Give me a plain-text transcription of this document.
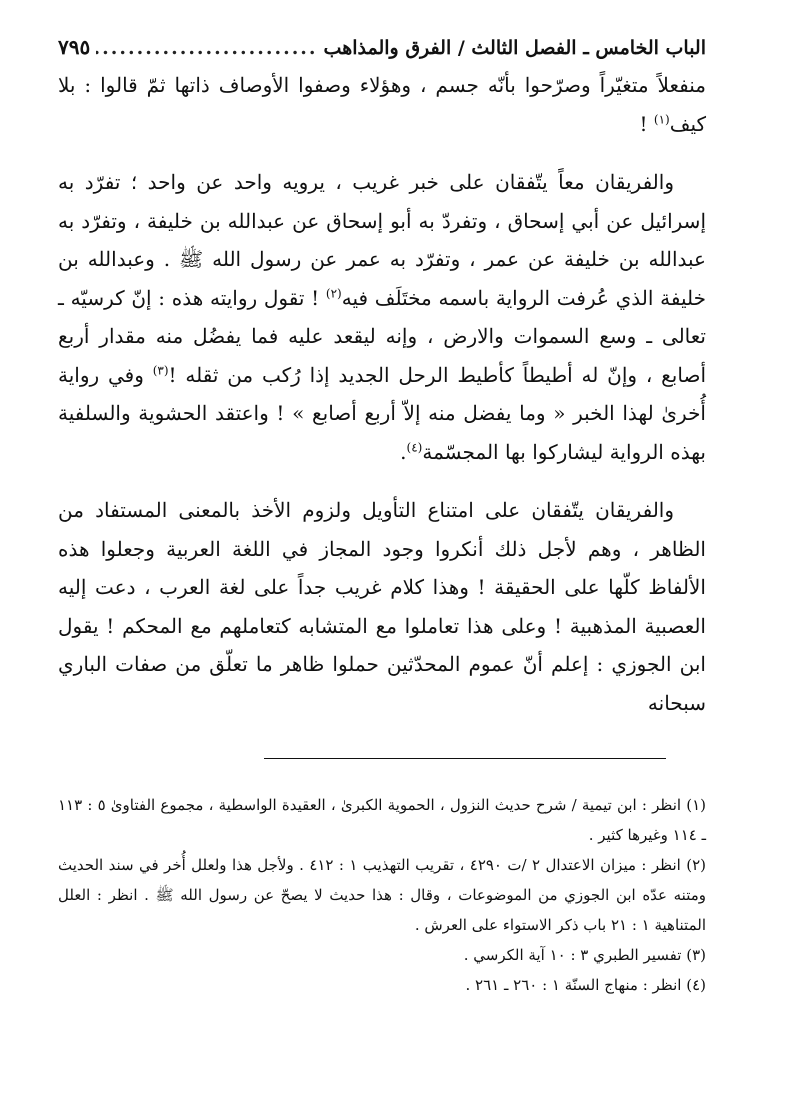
الباب الخامس ـ الفصل الثالث / الفرق والمذاهب
.....
٧٩٥

منفعلاً متغيّراً وصرّحوا بأنّه جسم ، وهؤلاء وصفوا الأوصاف ذاتها ثمّ قالوا : بلا كيف$^{(١)}$ !

والفريقان معاً يتّفقان على خبر غريب ، يرويه واحد عن واحد ؛ تفرّد به إسرائيل عن أبي إسحاق ، وتفردّ به أبو إسحاق عن عبدالله بن خليفة ، وتفرّد به عبدالله بن خليفة عن عمر ، وتفرّد به عمر عن رسول الله ﷺ . وعبدالله بن خليفة الذي عُرفت الرواية باسمه مختَلَف فيه$^{(٢)}$ ! تقول روايته هذه : إنّ كرسيّه ـ تعالى ـ وسع السموات والارض ، وإنه ليقعد عليه فما يفضُل منه مقدار أربع أصابع ، وإنّ له أطيطاً كأطيط الرحل الجديد إذا رُكب من ثقله !$^{(٣)}$ وفي رواية أُخرىٰ لهذا الخبر « وما يفضل منه إلاّ أربع أصابع » ! واعتقد الحشوية والسلفية بهذه الرواية ليشاركوا بها المجسّمة$^{(٤)}$.

والفريقان يتّفقان على امتناع التأويل ولزوم الأخذ بالمعنى المستفاد من الظاهر ، وهم لأجل ذلك أنكروا وجود المجاز في اللغة العربية وجعلوا هذه الألفاظ كلّها على الحقيقة ! وهذا كلام غريب جداً على لغة العرب ، دعت إليه العصبية المذهبية ! وعلى هذا تعاملوا مع المتشابه كتعاملهم مع المحكم ! يقول ابن الجوزي : إعلم أنّ عموم المحدّثين حملوا ظاهر ما تعلّق من صفات الباري سبحانه

(١) انظر : ابن تيمية / شرح حديث النزول ، الحموية الكبرىٰ ، العقيدة الواسطية ، مجموع الفتاوىٰ ٥ : ١١٣ ـ ١١٤ وغيرها كثير .

(٢) انظر : ميزان الاعتدال ٢ /ت ٤٢٩٠ ، تقريب التهذيب ١ : ٤١٢ . ولأجل هذا ولعلل أُخر في سند الحديث ومتنه عدّه ابن الجوزي من الموضوعات ، وقال : هذا حديث لا يصحّ عن رسول الله ﷺ . انظر : العلل المتناهية ١ : ٢١ باب ذكر الاستواء على العرش .

(٣) تفسير الطبري ٣ : ١٠ آية الكرسي .

(٤) انظر : منهاج السنّة ١ : ٢٦٠ ـ ٢٦١ .
